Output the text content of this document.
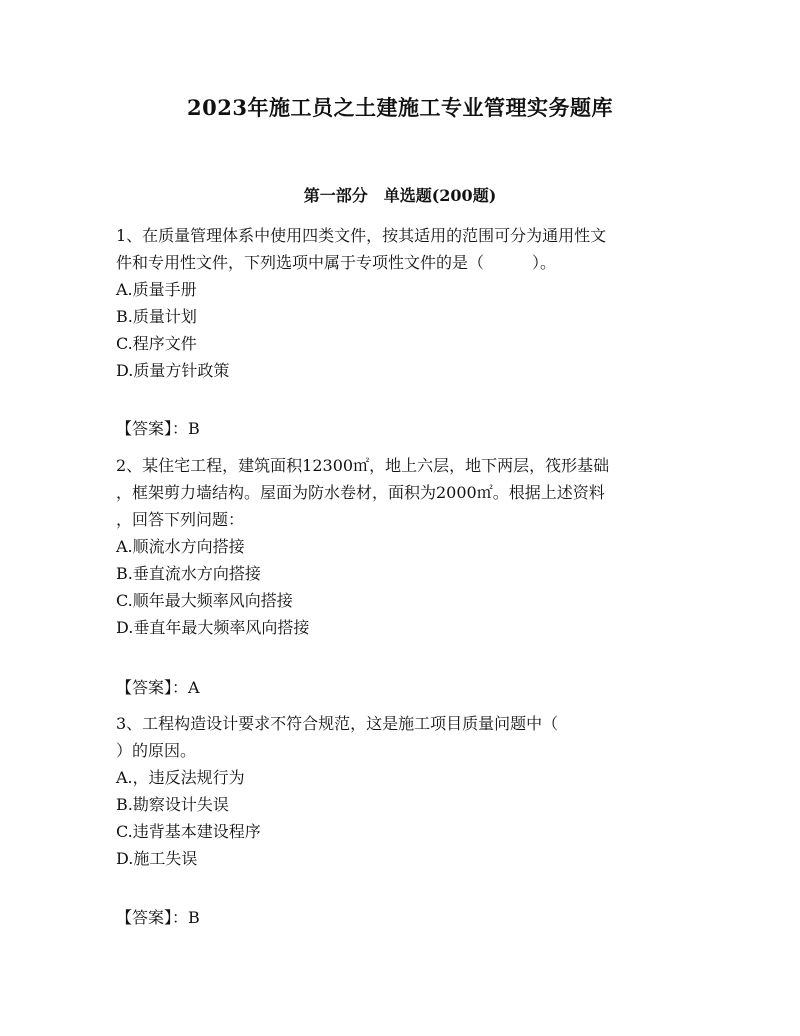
2023年施工员之土建施工专业管理实务题库
第一部分　单选题(200题)
1、在质量管理体系中使用四类文件，按其适用的范围可分为通用性文
件和专用性文件，下列选项中属于专项性文件的是（　　　）。
A.质量手册
B.质量计划
C.程序文件
D.质量方针政策
【答案】：B
2、某住宅工程，建筑面积12300㎡，地上六层，地下两层，筏形基础
，框架剪力墙结构。屋面为防水卷材，面积为2000㎡。根据上述资料
，回答下列问题：
A.顺流水方向搭接
B.垂直流水方向搭接
C.顺年最大频率风向搭接
D.垂直年最大频率风向搭接
【答案】：A
3、工程构造设计要求不符合规范，这是施工项目质量问题中（
）的原因。
A.，违反法规行为
B.勘察设计失误
C.违背基本建设程序
D.施工失误
【答案】：B
